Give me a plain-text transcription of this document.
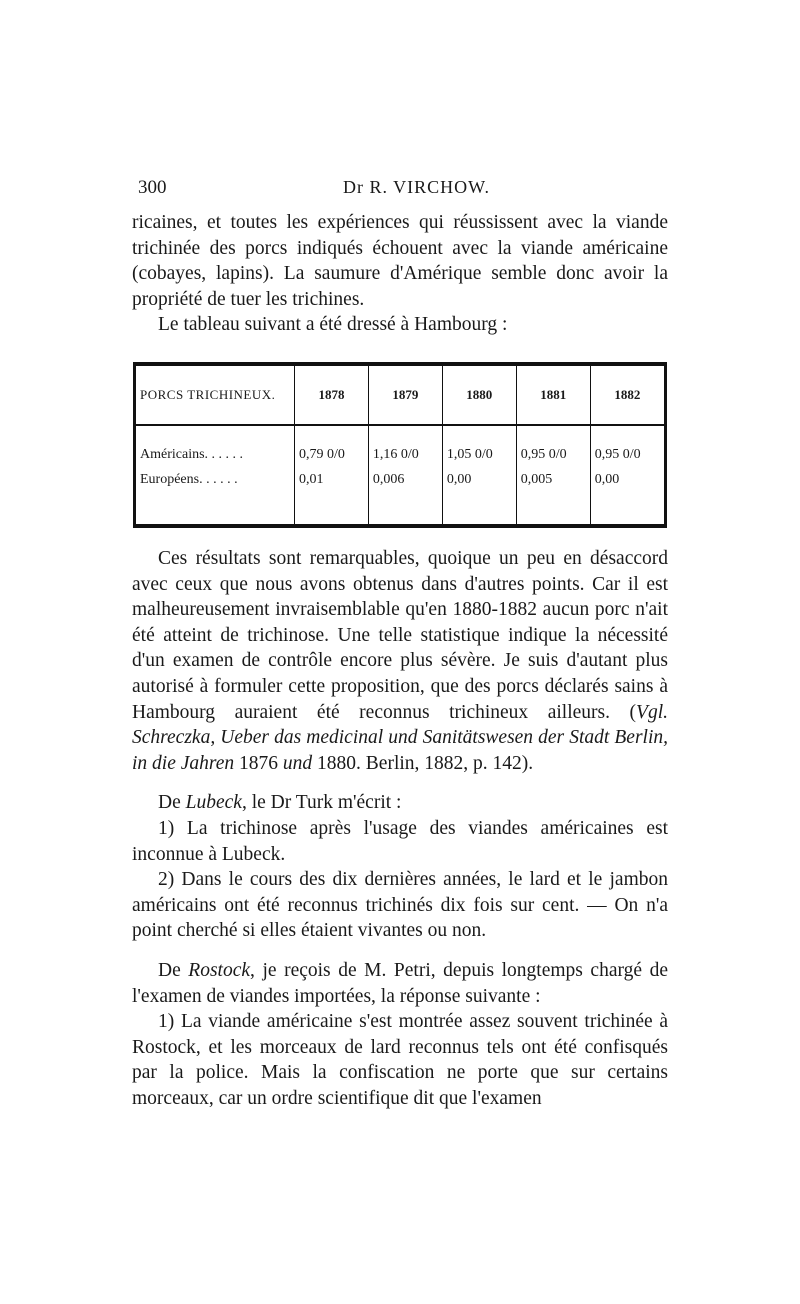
300	Dr R. VIRCHOW.

ricaines, et toutes les expériences qui réussissent avec la viande trichinée des porcs indiqués échouent avec la viande américaine (cobayes, lapins). La saumure d'Amérique semble donc avoir la propriété de tuer les trichines.

Le tableau suivant a été dressé à Hambourg :

PORCS TRICHINEUX.	1878	1879	1880	1881	1882
Américains. . . . . .	0,79 0/0	1,16 0/0	1,05 0/0	0,95 0/0	0,95 0/0
Européens. . . . . .	0,01	0,006	0,00	0,005	0,00

Ces résultats sont remarquables, quoique un peu en désaccord avec ceux que nous avons obtenus dans d'autres points. Car il est malheureusement invraisemblable qu'en 1880-1882 aucun porc n'ait été atteint de trichinose. Une telle statistique indique la nécessité d'un examen de contrôle encore plus sévère. Je suis d'autant plus autorisé à formuler cette proposition, que des porcs déclarés sains à Hambourg auraient été reconnus trichineux ailleurs. (Vgl. Schreczka, Ueber das medicinal und Sanitätswesen der Stadt Berlin, in die Jahren 1876 und 1880. Berlin, 1882, p. 142).

De Lubeck, le Dr Turk m'écrit :

1) La trichinose après l'usage des viandes américaines est inconnue à Lubeck.

2) Dans le cours des dix dernières années, le lard et le jambon américains ont été reconnus trichinés dix fois sur cent. — On n'a point cherché si elles étaient vivantes ou non.

De Rostock, je reçois de M. Petri, depuis longtemps chargé de l'examen de viandes importées, la réponse suivante :

1) La viande américaine s'est montrée assez souvent trichinée à Rostock, et les morceaux de lard reconnus tels ont été confisqués par la police. Mais la confiscation ne porte que sur certains morceaux, car un ordre scientifique dit que l'examen
